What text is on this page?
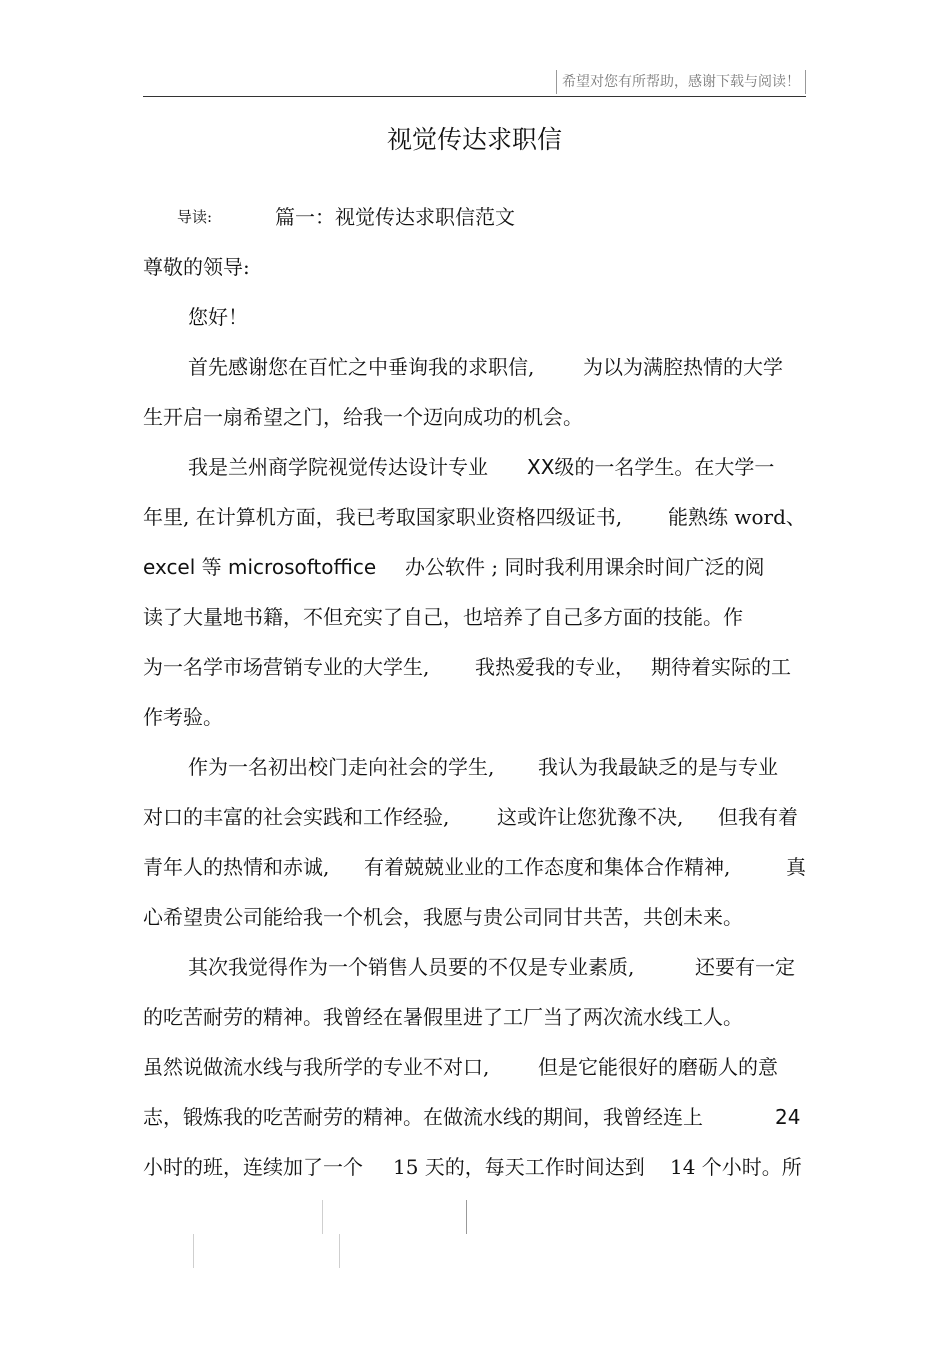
希望对您有所帮助，感谢下载与阅读！
视觉传达求职信
导读:	篇一：视觉传达求职信范文
尊敬的领导:
您好！
首先感谢您在百忙之中垂询我的求职信, 为以为满腔热情的大学
生开启一扇希望之门，给我一个迈向成功的机会。
我是兰州商学院视觉传达设计专业 XX级的一名学生。在大学一
年里, 在计算机方面，我已考取国家职业资格四级证书, 能熟练 word、
excel 等 microsoftoffice 办公软件 ; 同时我利用课余时间广泛的阅
读了大量地书籍，不但充实了自己，也培养了自己多方面的技能。作
为一名学市场营销专业的大学生, 我热爱我的专业， 期待着实际的工
作考验。
作为一名初出校门走向社会的学生, 我认为我最缺乏的是与专业
对口的丰富的社会实践和工作经验, 这或许让您犹豫不决, 但我有着
青年人的热情和赤诚, 有着兢兢业业的工作态度和集体合作精神,	真
心希望贵公司能给我一个机会，我愿与贵公司同甘共苦，共创未来。
其次我觉得作为一个销售人员要的不仅是专业素质,	还要有一定
的吃苦耐劳的精神。我曾经在暑假里进了工厂当了两次流水线工人。
虽然说做流水线与我所学的专业不对口, 但是它能很好的磨砺人的意
志，锻炼我的吃苦耐劳的精神。在做流水线的期间，我曾经连上	24
小时的班，连续加了一个 15 天的，每天工作时间达到 14 个小时。所
